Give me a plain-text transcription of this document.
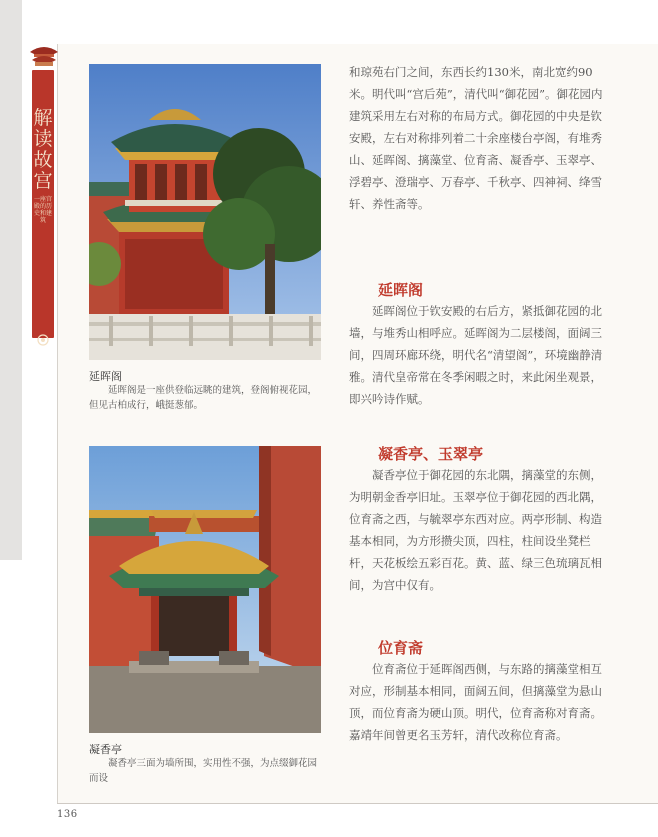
解读故宫
一座宫殿的历史和建筑
延晖阁
延晖阁是一座供登临远眺的建筑，登阁俯视花园，但见古柏成行，峨挺葱郁。
凝香亭
凝香亭三面为墙所围，实用性不强，为点缀御花园而设

和琼苑右门之间，东西长约130米，南北宽约90米。明代叫“宫后苑”，清代叫“御花园”。御花园内建筑采用左右对称的布局方式。御花园的中央是钦安殿，左右对称排列着二十余座楼台亭阁，有堆秀山、延晖阁、摛藻堂、位育斋、凝香亭、玉翠亭、浮碧亭、澄瑞亭、万春亭、千秋亭、四神祠、绛雪轩、养性斋等。

延晖阁

延晖阁位于钦安殿的右后方，紧抵御花园的北墙，与堆秀山相呼应。延晖阁为二层楼阁，面阔三间，四周环廊环绕，明代名“清望阁”，环境幽静清雅。清代皇帝常在冬季闲暇之时，来此闲坐观景，即兴吟诗作赋。

凝香亭、玉翠亭

凝香亭位于御花园的东北隅，摛藻堂的东侧，为明朝金香亭旧址。玉翠亭位于御花园的西北隅，位育斋之西，与毓翠亭东西对应。两亭形制、构造基本相同，为方形攒尖顶，四柱，柱间设坐凳栏杆，天花板绘五彩百花。黄、蓝、绿三色琉璃瓦相间，为宫中仅有。

位育斋

位育斋位于延晖阁西侧，与东路的摛藻堂相互对应，形制基本相同，面阔五间，但摛藻堂为悬山顶，而位育斋为硬山顶。明代，位育斋称对育斋。嘉靖年间曾更名玉芳轩，清代改称位育斋。

136
